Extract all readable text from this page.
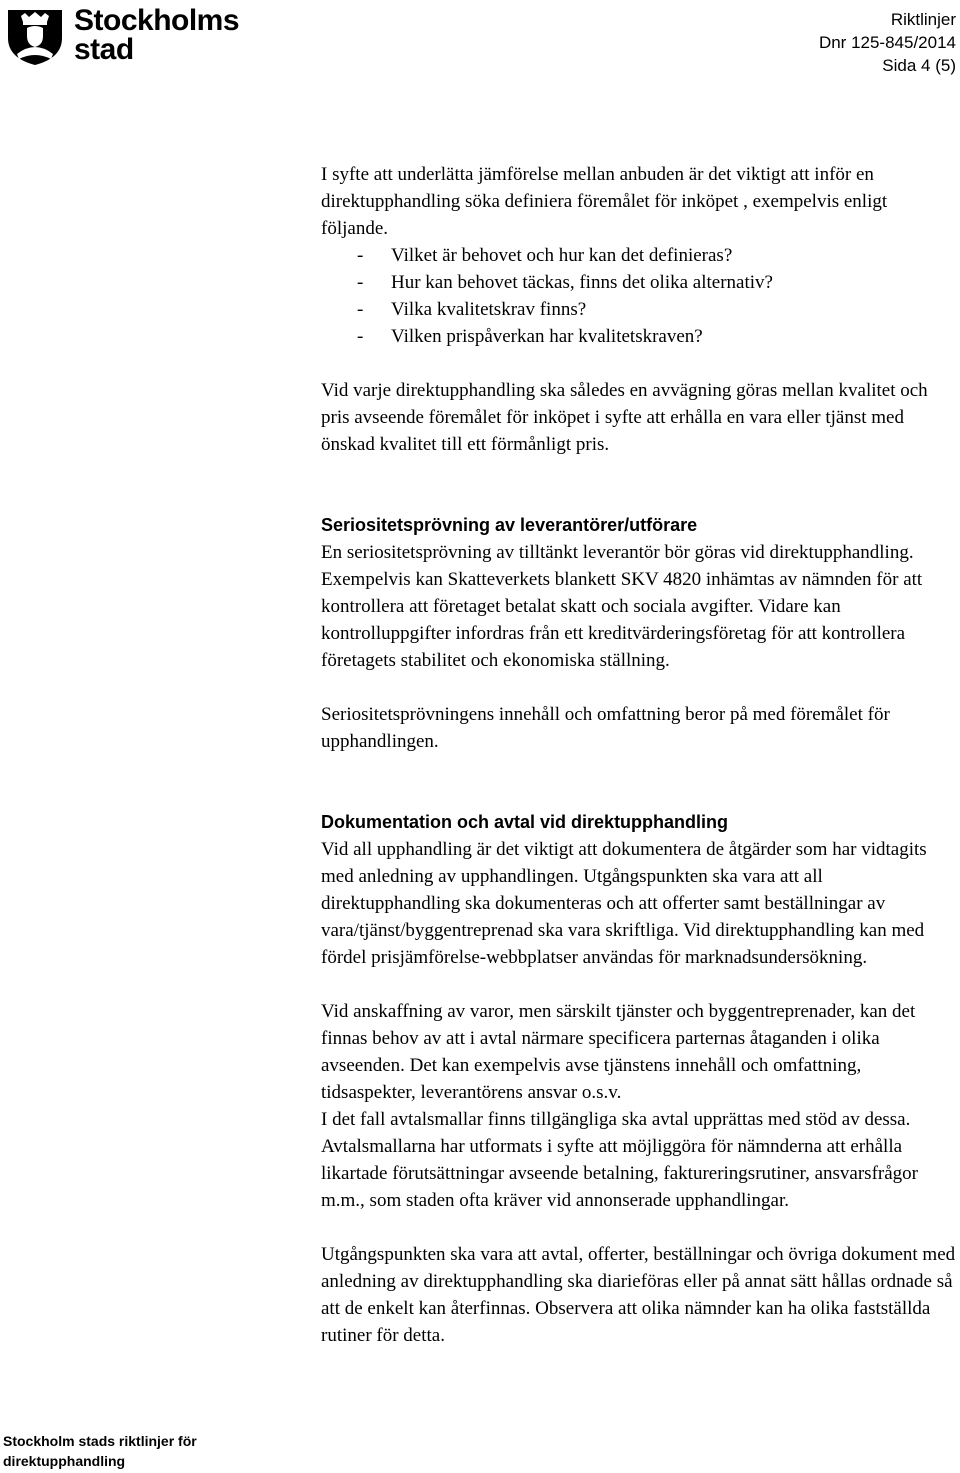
Stockholms
stad
Riktlinjer
Dnr 125-845/2014
Sida 4 (5)

I syfte att underlätta jämförelse mellan anbuden är det viktigt att inför en direktupphandling söka definiera föremålet för inköpet , exempelvis enligt följande.

- Vilket är behovet och hur kan det definieras?
- Hur kan behovet täckas, finns det olika alternativ?
- Vilka kvalitetskrav finns?
- Vilken prispåverkan har kvalitetskraven?

Vid varje direktupphandling ska således en avvägning göras mellan kvalitet och pris avseende föremålet för inköpet i syfte att erhålla en vara eller tjänst med önskad kvalitet till ett förmånligt pris.

Seriositetsprövning av leverantörer/utförare

En seriositetsprövning av tilltänkt leverantör bör göras vid direktupphandling. Exempelvis kan Skatteverkets blankett SKV 4820 inhämtas av nämnden för att kontrollera att företaget betalat skatt och sociala avgifter. Vidare kan kontrolluppgifter infordras från ett kreditvärderingsföretag för att kontrollera företagets stabilitet och ekonomiska ställning.

Seriositetsprövningens innehåll och omfattning beror på med föremålet för upphandlingen.

Dokumentation och avtal vid direktupphandling

Vid all upphandling är det viktigt att dokumentera de åtgärder som har vidtagits med anledning av upphandlingen. Utgångspunkten ska vara att all direktupphandling ska dokumenteras och att offerter samt beställningar av vara/tjänst/byggentreprenad ska vara skriftliga. Vid direktupphandling kan med fördel prisjämförelse-webbplatser användas för marknadsundersökning.

Vid anskaffning av varor, men särskilt tjänster och byggentreprenader, kan det finnas behov av att i avtal närmare specificera parternas åtaganden i olika avseenden. Det kan exempelvis avse tjänstens innehåll och omfattning, tidsaspekter, leverantörens ansvar o.s.v.

I det fall avtalsmallar finns tillgängliga ska avtal upprättas med stöd av dessa. Avtalsmallarna har utformats i syfte att möjliggöra för nämnderna att erhålla likartade förutsättningar avseende betalning, faktureringsrutiner, ansvarsfrågor m.m., som staden ofta kräver vid annonserade upphandlingar.

Utgångspunkten ska vara att avtal, offerter, beställningar och övriga dokument med anledning av direktupphandling ska diarieföras eller på annat sätt hållas ordnade så att de enkelt kan återfinnas. Observera att olika nämnder kan ha olika fastställda rutiner för detta.

Stockholm stads riktlinjer för direktupphandling
